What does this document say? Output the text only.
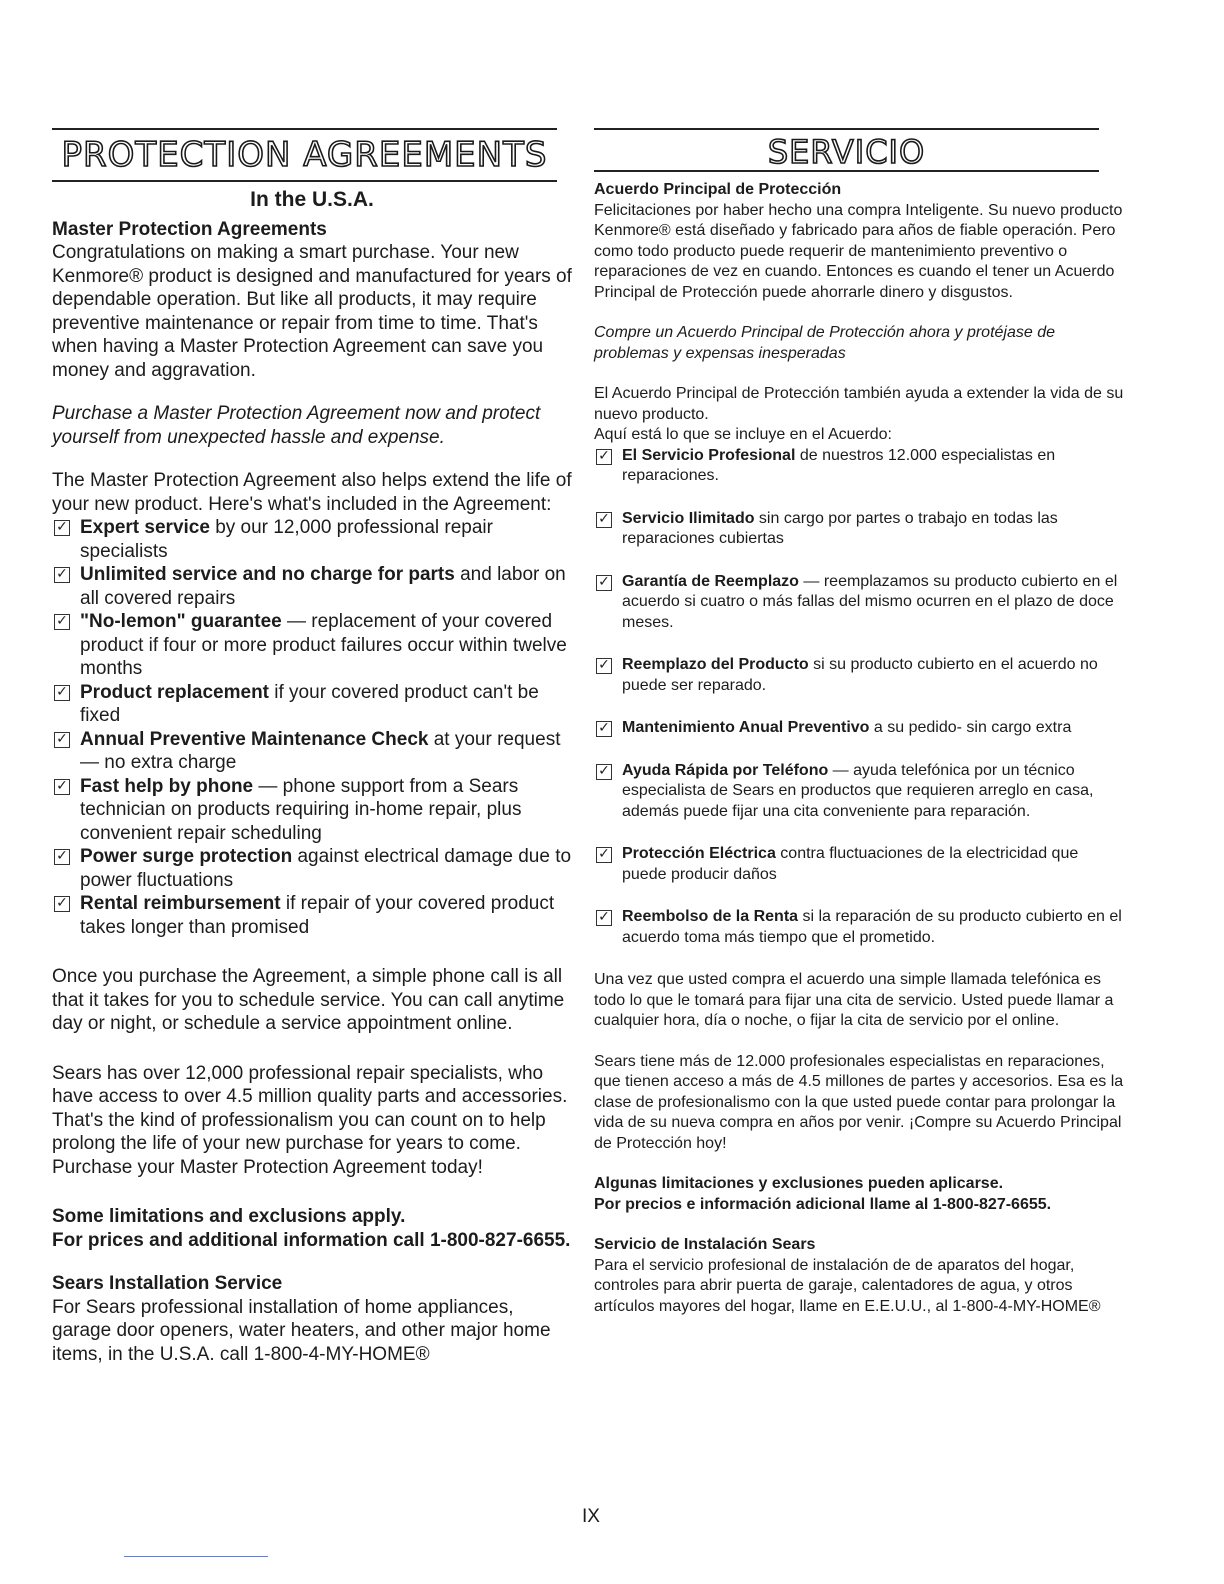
PROTECTION AGREEMENTS
In the U.S.A.
Master Protection Agreements

Congratulations on making a smart purchase. Your new Kenmore® product is designed and manufactured for years of dependable operation. But like all products, it may require preventive maintenance or repair from time to time. That's when having a Master Protection Agreement can save you money and aggravation.

Purchase a Master Protection Agreement now and protect yourself from unexpected hassle and expense.

The Master Protection Agreement also helps extend the life of your new product. Here's what's included in the Agreement:

✓ Expert service by our 12,000 professional repair specialists
✓ Unlimited service and no charge for parts and labor on all covered repairs
✓ "No-lemon" guarantee — replacement of your covered product if four or more product failures occur within twelve months
✓ Product replacement if your covered product can't be fixed
✓ Annual Preventive Maintenance Check at your request — no extra charge
✓ Fast help by phone — phone support from a Sears technician on products requiring in-home repair, plus convenient repair scheduling
✓ Power surge protection against electrical damage due to power fluctuations
✓ Rental reimbursement if repair of your covered product takes longer than promised

Once you purchase the Agreement, a simple phone call is all that it takes for you to schedule service. You can call anytime day or night, or schedule a service appointment online.

Sears has over 12,000 professional repair specialists, who have access to over 4.5 million quality parts and accessories. That's the kind of professionalism you can count on to help prolong the life of your new purchase for years to come. Purchase your Master Protection Agreement today!

Some limitations and exclusions apply.

For prices and additional information call 1-800-827-6655.

Sears Installation Service

For Sears professional installation of home appliances, garage door openers, water heaters, and other major home items, in the U.S.A. call 1-800-4-MY-HOME®

SERVICIO
Acuerdo Principal de Protección

Felicitaciones por haber hecho una compra Inteligente. Su nuevo producto Kenmore® está diseñado y fabricado para años de fiable operación. Pero como todo producto puede requerir de mantenimiento preventivo o reparaciones de vez en cuando. Entonces es cuando el tener un Acuerdo Principal de Protección puede ahorrarle dinero y disgustos.

Compre un Acuerdo Principal de Protección ahora y protéjase de problemas y expensas inesperadas

El Acuerdo Principal de Protección también ayuda a extender la vida de su nuevo producto.

Aquí está lo que se incluye en el Acuerdo:

✓ El Servicio Profesional de nuestros 12.000 especialistas en reparaciones.
✓ Servicio Ilimitado sin cargo por partes o trabajo en todas las reparaciones cubiertas
✓ Garantía de Reemplazo — reemplazamos su producto cubierto en el acuerdo si cuatro o más fallas del mismo ocurren en el plazo de doce meses.
✓ Reemplazo del Producto si su producto cubierto en el acuerdo no puede ser reparado.
✓ Mantenimiento Anual Preventivo a su pedido- sin cargo extra
✓ Ayuda Rápida por Teléfono — ayuda telefónica por un técnico especialista de Sears en productos que requieren arreglo en casa, además puede fijar una cita conveniente para reparación.
✓ Protección Eléctrica contra fluctuaciones de la electricidad que puede producir daños
✓ Reembolso de la Renta si la reparación de su producto cubierto en el acuerdo toma más tiempo que el prometido.

Una vez que usted compra el acuerdo una simple llamada telefónica es todo lo que le tomará para fijar una cita de servicio. Usted puede llamar a cualquier hora, día o noche, o fijar la cita de servicio por el online.

Sears tiene más de 12.000 profesionales especialistas en reparaciones, que tienen acceso a más de 4.5 millones de partes y accesorios. Esa es la clase de profesionalismo con la que usted puede contar para prolongar la vida de su nueva compra en años por venir. ¡Compre su Acuerdo Principal de Protección hoy!

Algunas limitaciones y exclusiones pueden aplicarse.

Por precios e información adicional llame al 1-800-827-6655.

Servicio de Instalación Sears

Para el servicio profesional de instalación de de aparatos del hogar, controles para abrir puerta de garaje, calentadores de agua, y otros artículos mayores del hogar, llame en E.E.U.U., al 1-800-4-MY-HOME®

IX
